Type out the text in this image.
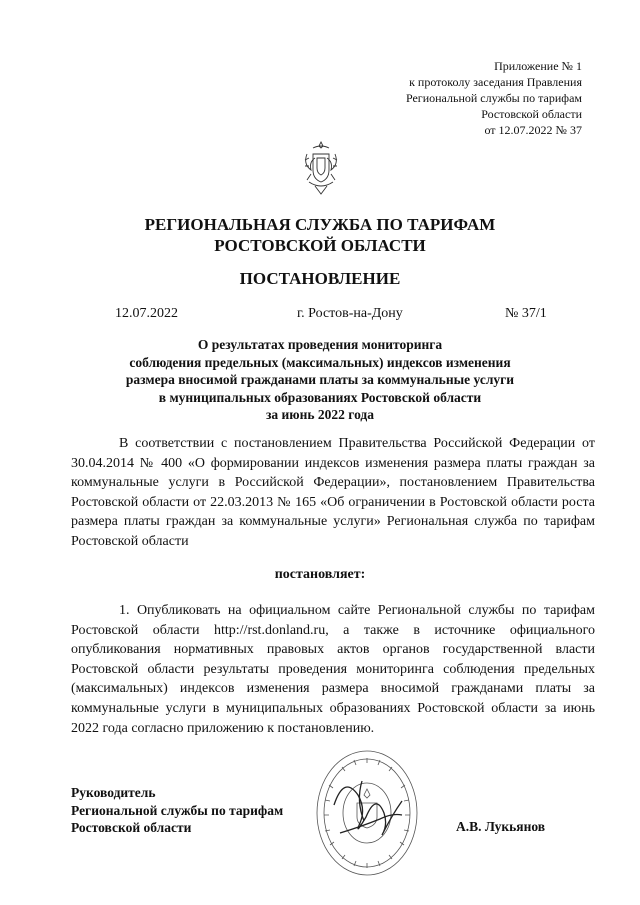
Приложение № 1
к протоколу заседания Правления
Региональной службы по тарифам
Ростовской области
от 12.07.2022 № 37
РЕГИОНАЛЬНАЯ СЛУЖБА ПО ТАРИФАМ
РОСТОВСКОЙ ОБЛАСТИ
ПОСТАНОВЛЕНИЕ
12.07.2022	г. Ростов-на-Дону	№ 37/1
О результатах проведения мониторинга
соблюдения предельных (максимальных) индексов изменения
размера вносимой гражданами платы за коммунальные услуги
в муниципальных образованиях Ростовской области
за июнь 2022 года
В соответствии с постановлением Правительства Российской Федерации от 30.04.2014 № 400 «О формировании индексов изменения размера платы граждан за коммунальные услуги в Российской Федерации», постановлением Правительства Ростовской области от 22.03.2013 № 165 «Об ограничении в Ростовской области роста размера платы граждан за коммунальные услуги» Региональная служба по тарифам Ростовской области
постановляет:
1. Опубликовать на официальном сайте Региональной службы по тарифам Ростовской области http://rst.donland.ru, а также в источнике официального опубликования нормативных правовых актов органов государственной власти Ростовской области результаты проведения мониторинга соблюдения предельных (максимальных) индексов изменения размера вносимой гражданами платы за коммунальные услуги в муниципальных образованиях Ростовской области за июнь 2022 года согласно приложению к постановлению.
Руководитель
Региональной службы по тарифам
Ростовской области	А.В. Лукьянов
